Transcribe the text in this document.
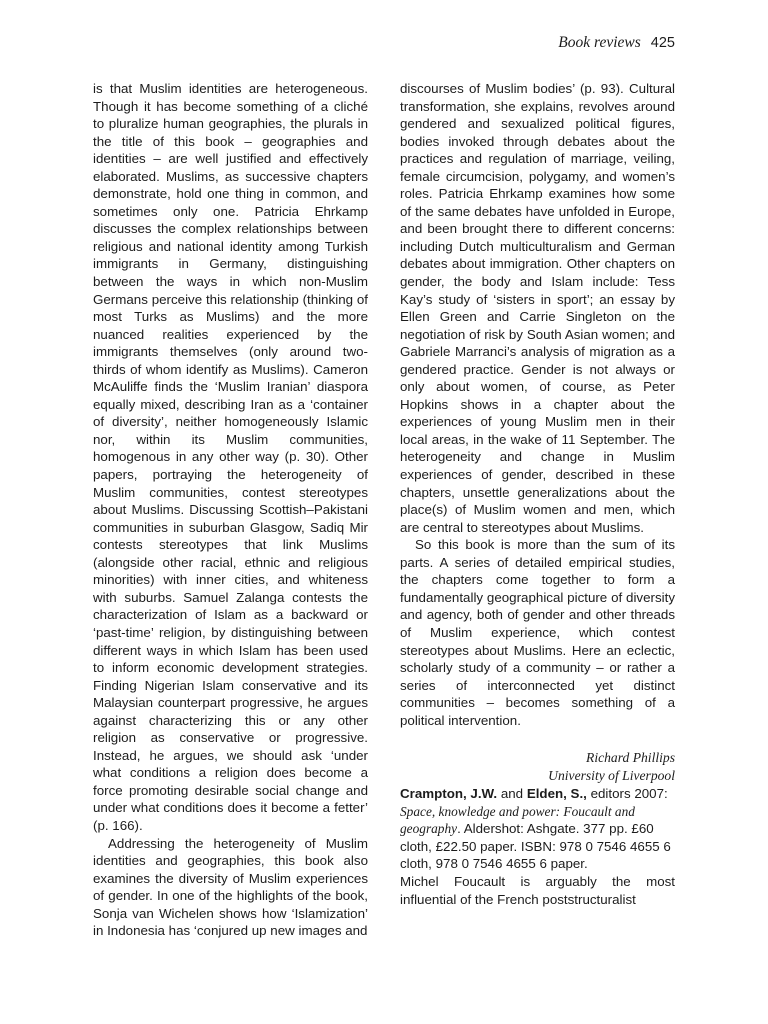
Book reviews 425

is that Muslim identities are heterogeneous. Though it has become something of a cliché to pluralize human geographies, the plurals in the title of this book – geographies and identities – are well justified and effectively elaborated. Muslims, as successive chapters demonstrate, hold one thing in common, and sometimes only one. Patricia Ehrkamp discusses the complex relationships between religious and national identity among Turkish immigrants in Germany, distinguishing between the ways in which non-Muslim Germans perceive this relationship (thinking of most Turks as Muslims) and the more nuanced realities experienced by the immigrants themselves (only around two-thirds of whom identify as Muslims). Cameron McAuliffe finds the ‘Muslim Iranian’ diaspora equally mixed, describing Iran as a ‘container of diversity’, neither homogeneously Islamic nor, within its Muslim communities, homogenous in any other way (p. 30). Other papers, portraying the heterogeneity of Muslim communities, contest stereotypes about Muslims. Discussing Scottish–Pakistani communities in suburban Glasgow, Sadiq Mir contests stereotypes that link Muslims (alongside other racial, ethnic and religious minorities) with inner cities, and whiteness with suburbs. Samuel Zalanga contests the characterization of Islam as a backward or ‘past-time’ religion, by distinguishing between different ways in which Islam has been used to inform economic development strategies. Finding Nigerian Islam conservative and its Malaysian counterpart progressive, he argues against characterizing this or any other religion as conservative or progressive. Instead, he argues, we should ask ‘under what conditions a religion does become a force promoting desirable social change and under what conditions does it become a fetter’ (p. 166).

Addressing the heterogeneity of Muslim identities and geographies, this book also examines the diversity of Muslim experiences of gender. In one of the highlights of the book, Sonja van Wichelen shows how ‘Islamization’ in Indonesia has ‘conjured up new images and

discourses of Muslim bodies’ (p. 93). Cultural transformation, she explains, revolves around gendered and sexualized political figures, bodies invoked through debates about the practices and regulation of marriage, veiling, female circumcision, polygamy, and women’s roles. Patricia Ehrkamp examines how some of the same debates have unfolded in Europe, and been brought there to different concerns: including Dutch multiculturalism and German debates about immigration. Other chapters on gender, the body and Islam include: Tess Kay’s study of ‘sisters in sport’; an essay by Ellen Green and Carrie Singleton on the negotiation of risk by South Asian women; and Gabriele Marranci’s analysis of migration as a gendered practice. Gender is not always or only about women, of course, as Peter Hopkins shows in a chapter about the experiences of young Muslim men in their local areas, in the wake of 11 September. The heterogeneity and change in Muslim experiences of gender, described in these chapters, unsettle generalizations about the place(s) of Muslim women and men, which are central to stereotypes about Muslims.

So this book is more than the sum of its parts. A series of detailed empirical studies, the chapters come together to form a fundamentally geographical picture of diversity and agency, both of gender and other threads of Muslim experience, which contest stereotypes about Muslims. Here an eclectic, scholarly study of a community – or rather a series of interconnected yet distinct communities – becomes something of a political intervention.

Richard Phillips
University of Liverpool

Crampton, J.W. and Elden, S., editors 2007: Space, knowledge and power: Foucault and geography. Aldershot: Ashgate. 377 pp. £60 cloth, £22.50 paper. ISBN: 978 0 7546 4655 6 cloth, 978 0 7546 4655 6 paper.

Michel Foucault is arguably the most influential of the French poststructuralist
